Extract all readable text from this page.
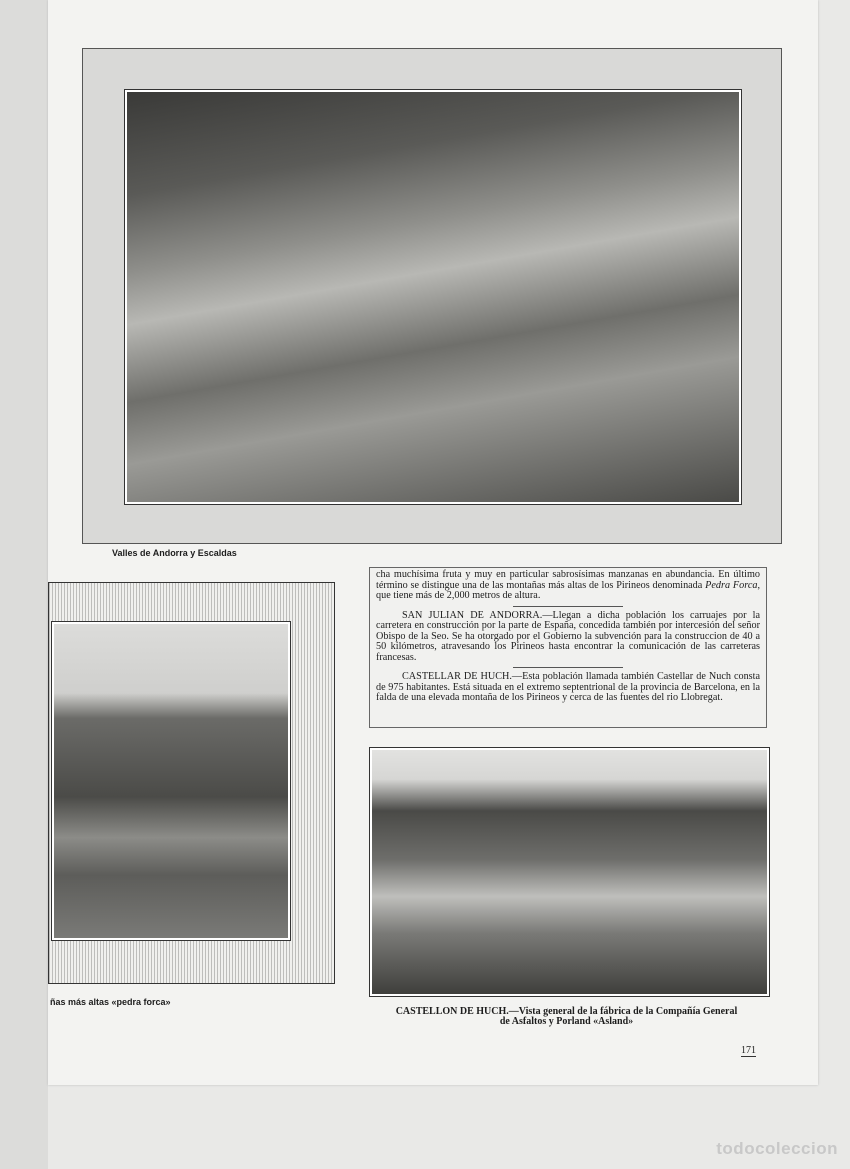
Valles de Andorra y Escaldas
ñas más altas «pedra forca»

cha muchísima fruta y muy en particular sabrosísimas manzanas en abundancia. En último término se distingue una de las montañas más altas de los Pirineos denominada Pedra Forca, que tiene más de 2,000 metros de altura.

SAN JULIAN DE ANDORRA.—Llegan a dicha población los carruajes por la carretera en construcción por la parte de España, concedida también por intercesión del señor Obispo de la Seo. Se ha otorgado por el Gobierno la subvención para la construccion de 40 a 50 kilómetros, atravesando los Pirineos hasta encontrar la comunicación de las carreteras francesas.

CASTELLAR DE HUCH.—Esta población llamada también Castellar de Nuch consta de 975 habitantes. Está situada en el extremo septentrional de la provincia de Barcelona, en la falda de una elevada montaña de los Pirineos y cerca de las fuentes del rio Llobregat.

CASTELLON DE HUCH.—Vista general de la fábrica de la Compañía General
de Asfaltos y Porland «Asland»
171
todocoleccion
